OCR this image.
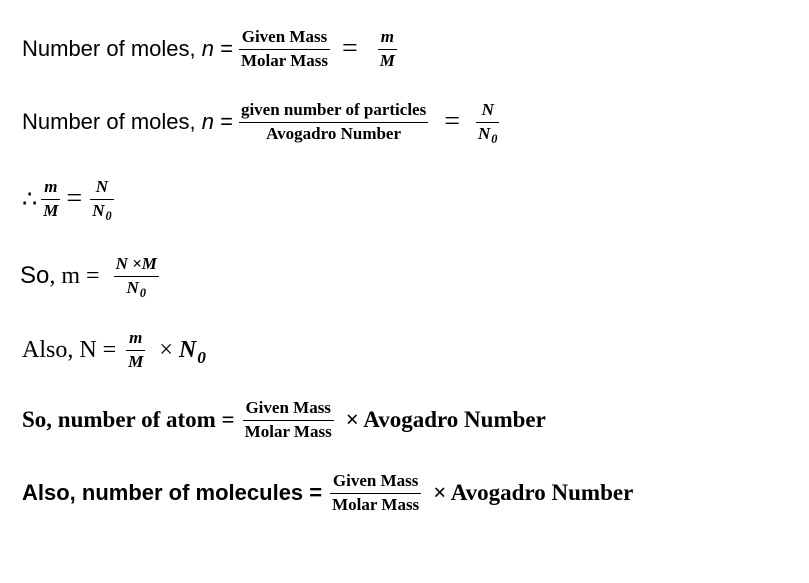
Number of moles, $n = \frac{\text{Given Mass}}{\text{Molar Mass}} = \frac{m}{M}$
Number of moles, $n = \frac{\text{given number of particles}}{\text{Avogadro Number}} = \frac{N}{N_0}$
∴ $\frac{m}{M} = \frac{N}{N_0}$
So, $m = \frac{N \times M}{N_0}$
Also, $N = \frac{m}{M} \times N_0$
So, number of atom = $\frac{\text{Given Mass}}{\text{Molar Mass}}$ × Avogadro Number
Also, number of molecules = $\frac{\text{Given Mass}}{\text{Molar Mass}}$ × Avogadro Number
